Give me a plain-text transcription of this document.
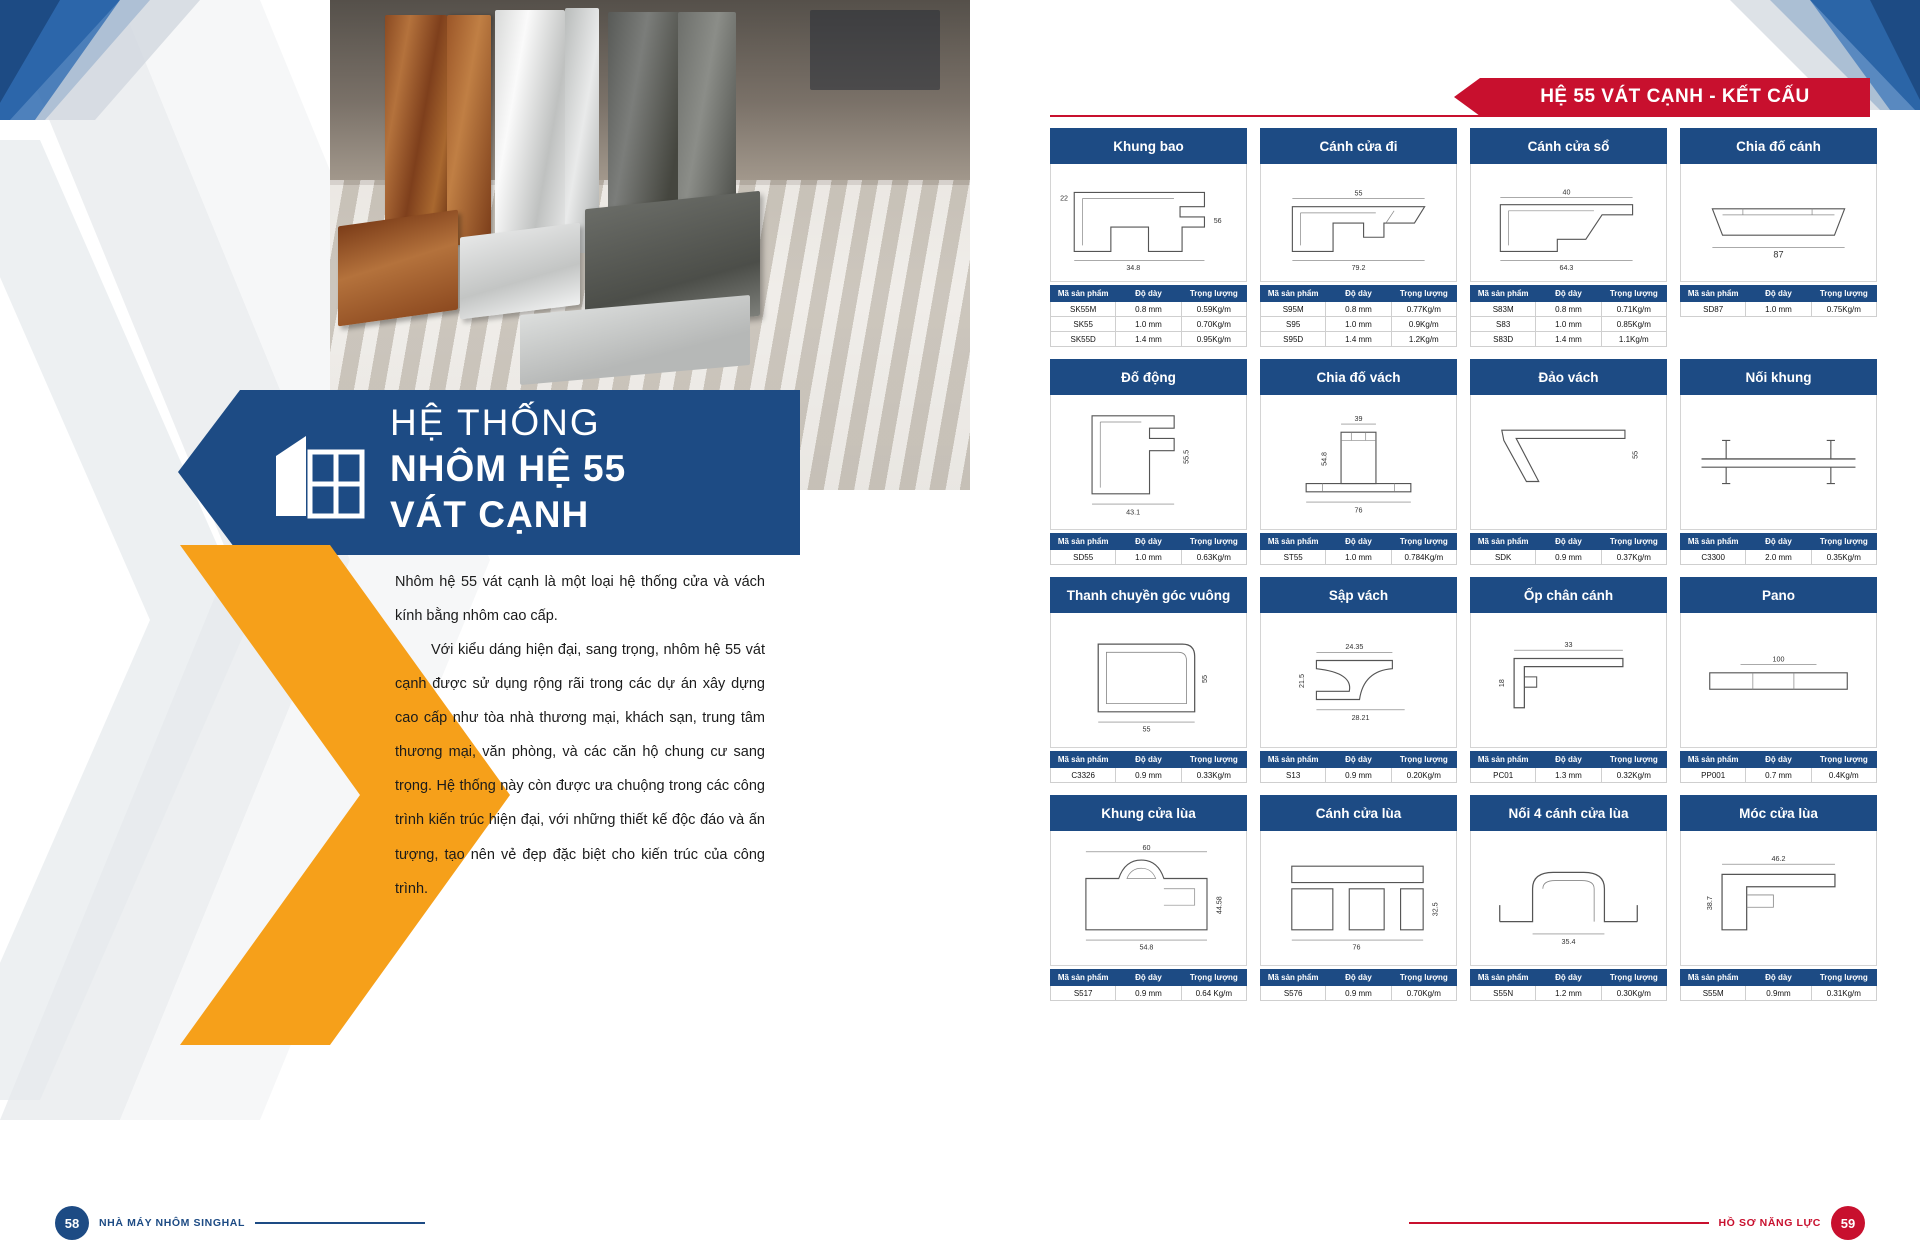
HỆ THỐNG
NHÔM HỆ 55
VÁT CẠNH

Nhôm hệ 55 vát cạnh là một loại hệ thống cửa và vách kính bằng nhôm cao cấp.

Với kiểu dáng hiện đại, sang trọng, nhôm hệ 55 vát cạnh được sử dụng rộng rãi trong các dự án xây dựng cao cấp như tòa nhà thương mại, khách sạn, trung tâm thương mại, văn phòng, và các căn hộ chung cư sang trọng. Hệ thống này còn được ưa chuộng trong các công trình kiến trúc hiện đại, với những thiết kế độc đáo và ấn tượng, tạo nên vẻ đẹp đặc biệt cho kiến trúc của công trình.

58	NHÀ MÁY NHÔM SINGHAL
HỆ 55 VÁT CẠNH - KẾT CẤU
Khung bao
34.8
22
56
Mã sản phẩm	Độ dày	Trọng lượng
SK55M	0.8 mm	0.59Kg/m
SK55	1.0 mm	0.70Kg/m
SK55D	1.4 mm	0.95Kg/m
Cánh cửa đi
55
79.2
Mã sản phẩm	Độ dày	Trọng lượng
S95M	0.8 mm	0.77Kg/m
S95	1.0 mm	0.9Kg/m
S95D	1.4 mm	1.2Kg/m
Cánh cửa sổ
40
64.3
Mã sản phẩm	Độ dày	Trọng lượng
S83M	0.8 mm	0.71Kg/m
S83	1.0 mm	0.85Kg/m
S83D	1.4 mm	1.1Kg/m
Chia đố cánh
87
Mã sản phẩm	Độ dày	Trọng lượng
SD87	1.0 mm	0.75Kg/m
Đố động
43.1
55.5
Mã sản phẩm	Độ dày	Trọng lượng
SD55	1.0 mm	0.63Kg/m
Chia đố vách
39
54.8
76
Mã sản phẩm	Độ dày	Trọng lượng
ST55	1.0 mm	0.784Kg/m
Đảo vách
55
Mã sản phẩm	Độ dày	Trọng lượng
SDK	0.9 mm	0.37Kg/m
Nối khung
Mã sản phẩm	Độ dày	Trọng lượng
C3300	2.0 mm	0.35Kg/m
Thanh chuyền góc vuông
55
55
Mã sản phẩm	Độ dày	Trọng lượng
C3326	0.9 mm	0.33Kg/m
Sập vách
24.35
21.5
28.21
Mã sản phẩm	Độ dày	Trọng lượng
S13	0.9 mm	0.20Kg/m
Ốp chân cánh
33
18
Mã sản phẩm	Độ dày	Trọng lượng
PC01	1.3 mm	0.32Kg/m
Pano
100
Mã sản phẩm	Độ dày	Trọng lượng
PP001	0.7 mm	0.4Kg/m
Khung cửa lùa
60
44.58
54.8
Mã sản phẩm	Độ dày	Trọng lượng
S517	0.9 mm	0.64 Kg/m
Cánh cửa lùa
76
32.5
Mã sản phẩm	Độ dày	Trọng lượng
S576	0.9 mm	0.70Kg/m
Nối 4 cánh cửa lùa
35.4
Mã sản phẩm	Độ dày	Trọng lượng
S55N	1.2 mm	0.30Kg/m
Móc cửa lùa
46.2
38.7
Mã sản phẩm	Độ dày	Trọng lượng
S55M	0.9mm	0.31Kg/m
HỒ SƠ NĂNG LỰC	59
